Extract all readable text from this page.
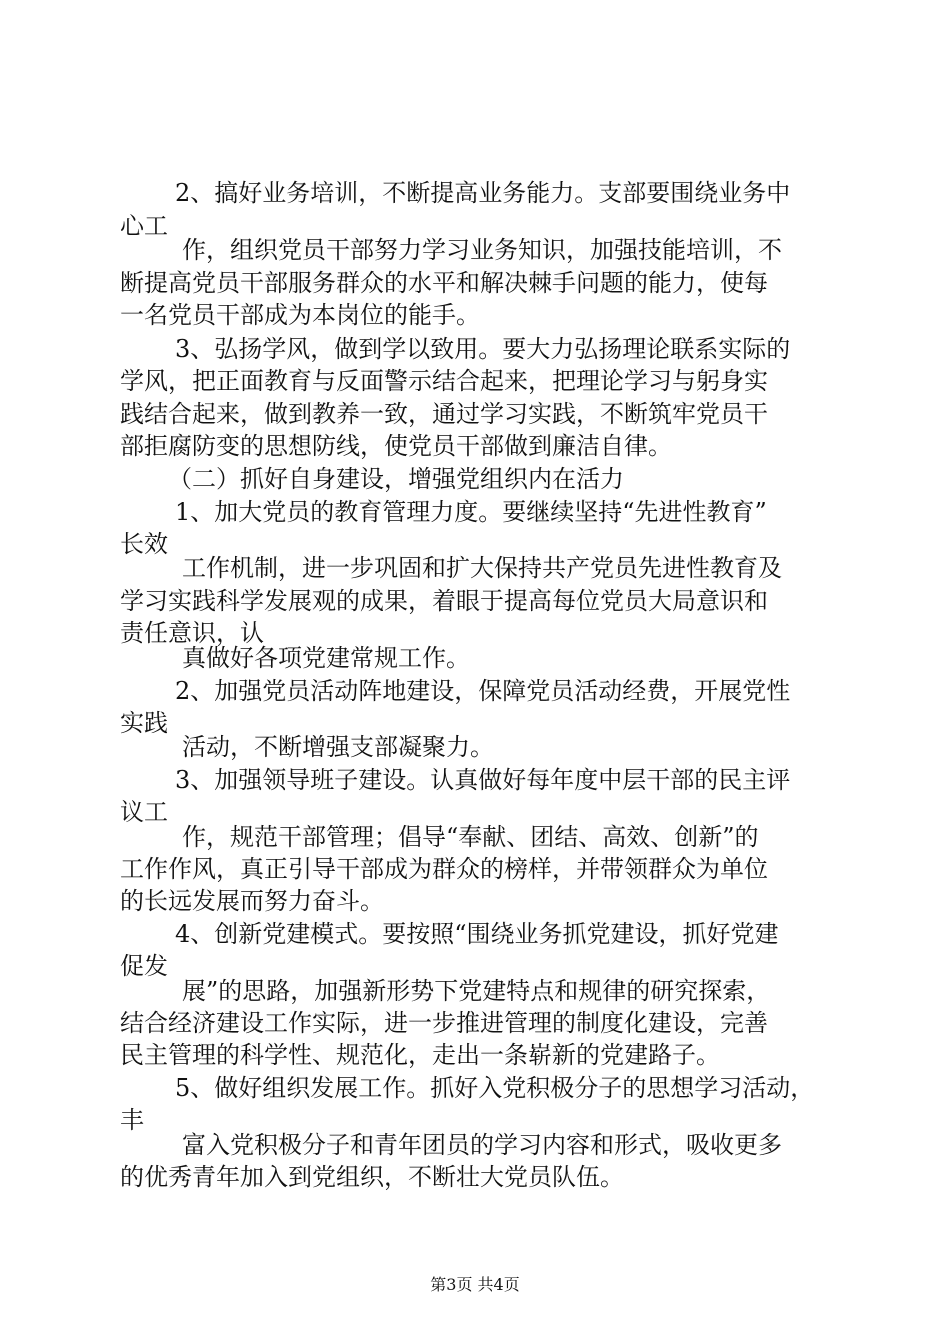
2、搞好业务培训，不断提高业务能力。支部要围绕业务中
心工
作，组织党员干部努力学习业务知识，加强技能培训，不
断提高党员干部服务群众的水平和解决棘手问题的能力，使每
一名党员干部成为本岗位的能手。
3、弘扬学风，做到学以致用。要大力弘扬理论联系实际的
学风，把正面教育与反面警示结合起来，把理论学习与躬身实
践结合起来，做到教养一致，通过学习实践，不断筑牢党员干
部拒腐防变的思想防线，使党员干部做到廉洁自律。
（二）抓好自身建设，增强党组织内在活力
1、加大党员的教育管理力度。要继续坚持“先进性教育”
长效
工作机制，进一步巩固和扩大保持共产党员先进性教育及
学习实践科学发展观的成果，着眼于提高每位党员大局意识和
责任意识，认
真做好各项党建常规工作。
2、加强党员活动阵地建设，保障党员活动经费，开展党性
实践
活动，不断增强支部凝聚力。
3、加强领导班子建设。认真做好每年度中层干部的民主评
议工
作，规范干部管理；倡导“奉献、团结、高效、创新”的
工作作风，真正引导干部成为群众的榜样，并带领群众为单位
的长远发展而努力奋斗。
4、创新党建模式。要按照“围绕业务抓党建设，抓好党建
促发
展”的思路，加强新形势下党建特点和规律的研究探索，
结合经济建设工作实际，进一步推进管理的制度化建设，完善
民主管理的科学性、规范化，走出一条崭新的党建路子。
5、做好组织发展工作。抓好入党积极分子的思想学习活动，
丰
富入党积极分子和青年团员的学习内容和形式，吸收更多
的优秀青年加入到党组织，不断壮大党员队伍。
第3页 共4页
